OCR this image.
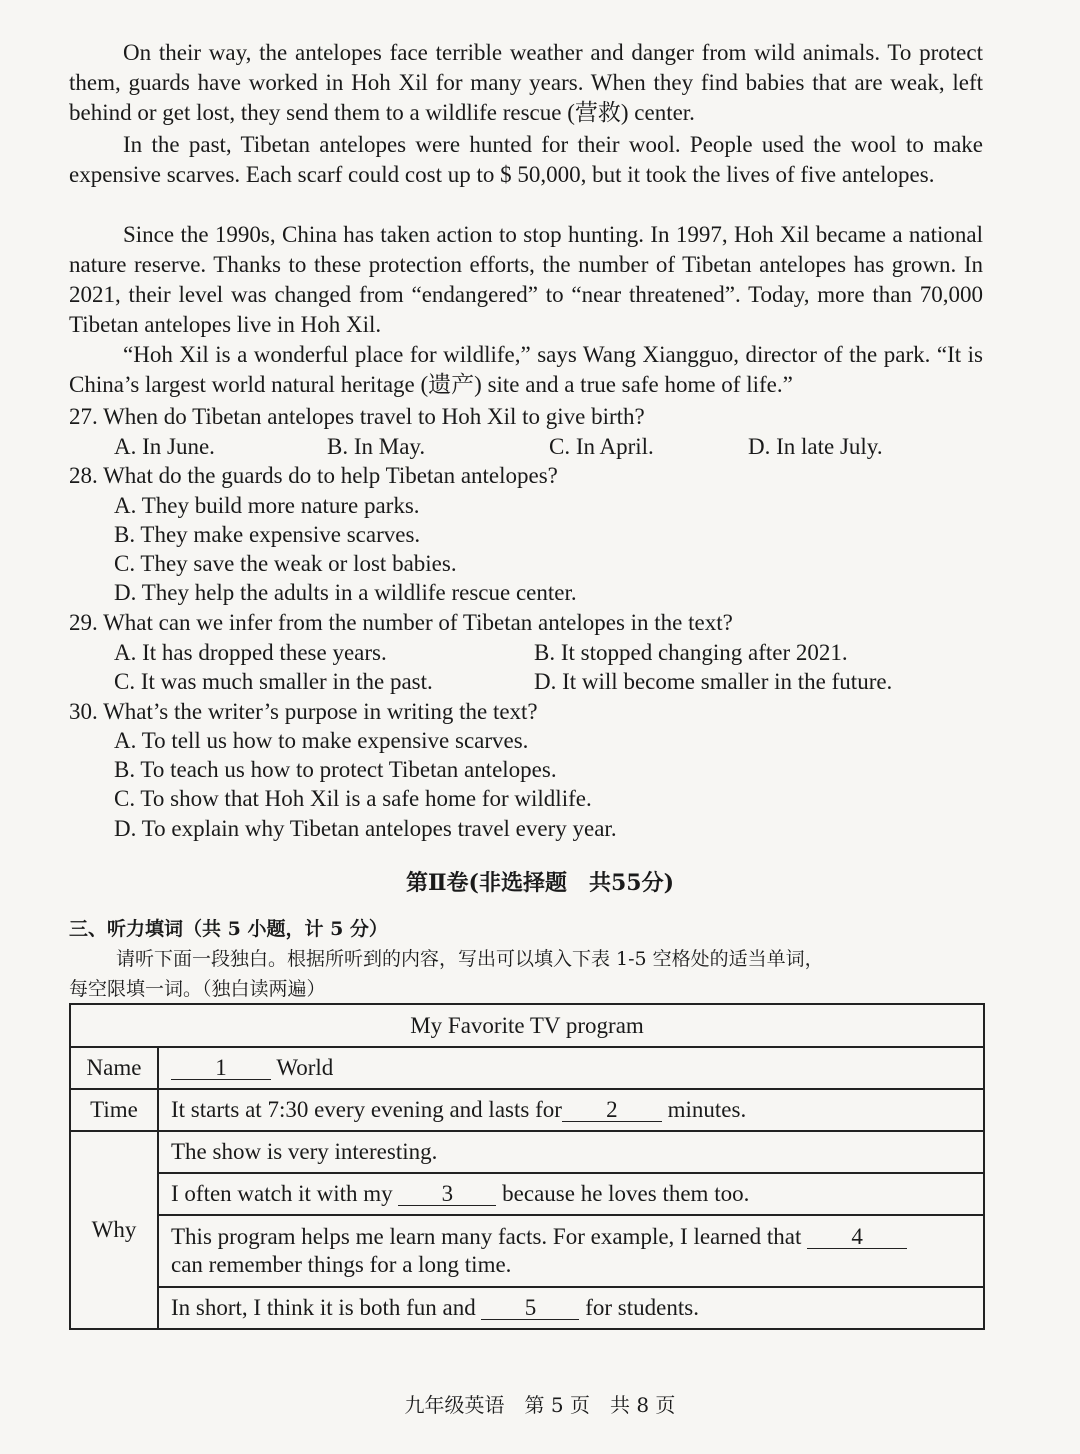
On their way, the antelopes face terrible weather and danger from wild animals. To protect them, guards have worked in Hoh Xil for many years. When they find babies that are weak, left behind or get lost, they send them to a wildlife rescue (营救) center.
In the past, Tibetan antelopes were hunted for their wool. People used the wool to make expensive scarves. Each scarf could cost up to $ 50,000, but it took the lives of five antelopes.
Since the 1990s, China has taken action to stop hunting. In 1997, Hoh Xil became a national nature reserve. Thanks to these protection efforts, the number of Tibetan antelopes has grown. In 2021, their level was changed from “endangered” to “near threatened”. Today, more than 70,000 Tibetan antelopes live in Hoh Xil.
“Hoh Xil is a wonderful place for wildlife,” says Wang Xiangguo, director of the park. “It is China’s largest world natural heritage (遗产) site and a true safe home of life.”
27. When do Tibetan antelopes travel to Hoh Xil to give birth?
A. In June.	B. In May.	C. In April.	D. In late July.
28. What do the guards do to help Tibetan antelopes?
A. They build more nature parks.
B. They make expensive scarves.
C. They save the weak or lost babies.
D. They help the adults in a wildlife rescue center.
29. What can we infer from the number of Tibetan antelopes in the text?
A. It has dropped these years.	B. It stopped changing after 2021.
C. It was much smaller in the past.	D. It will become smaller in the future.
30. What’s the writer’s purpose in writing the text?
A. To tell us how to make expensive scarves.
B. To teach us how to protect Tibetan antelopes.
C. To show that Hoh Xil is a safe home for wildlife.
D. To explain why Tibetan antelopes travel every year.
第Ⅱ卷(非选择题　共55分)
三、听力填词（共 5 小题，计 5 分）
请听下面一段独白。根据所听到的内容，写出可以填入下表 1-5 空格处的适当单词，
每空限填一词。（独白读两遍）
My Favorite TV program	
Name	1 World
Time	It starts at 7:30 every evening and lasts for 2 minutes.
Why	The show is very interesting.
	I often watch it with my 3 because he loves them too.
	This program helps me learn many facts. For example, I learned that 4
can remember things for a long time.
	In short, I think it is both fun and 5 for students.
九年级英语　第 5 页　共 8 页
